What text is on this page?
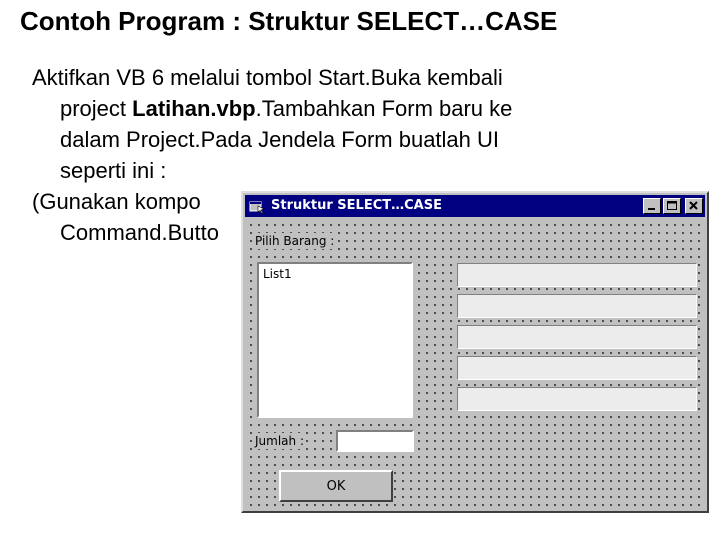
Contoh Program : Struktur SELECT…CASE
Aktifkan VB 6 melalui tombol Start.Buka kembali
project Latihan.vbp.Tambahkan Form baru ke
dalam Project.Pada Jendela Form buatlah UI
seperti ini :
(Gunakan kompo
Command.Butto
Struktur SELECT…CASE
Pilih Barang :
List1
Jumlah :
OK
